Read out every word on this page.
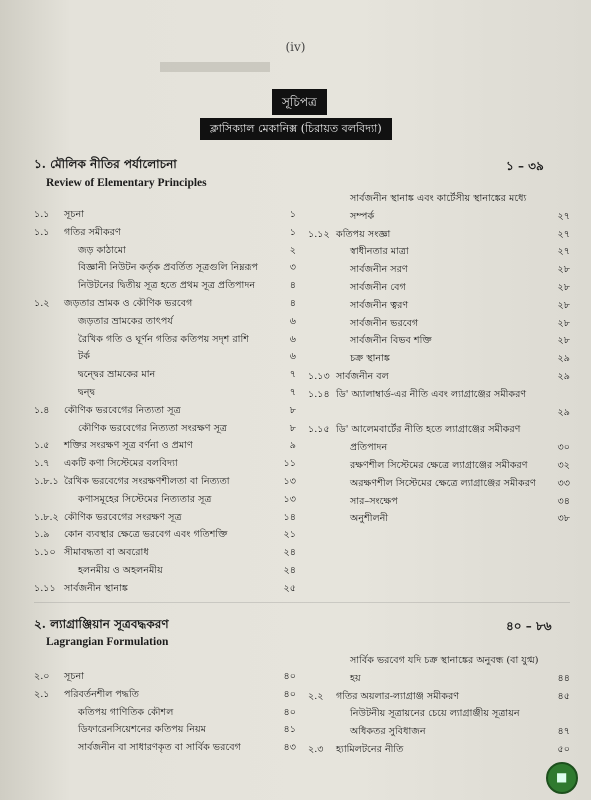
(iv)
সূচিপত্র
ক্লাসিক্যাল মেকানিক্স (চিরায়ত বলবিদ্যা)
১. মৌলিক নীতির পর্যালোচনা
Review of Elementary Principles
১ – ৩৯
১.১ সূচনা	১
১.১ গতির সমীকরণ	১
জড় কাঠামো	২
বিজ্ঞানী নিউটন কর্তৃক প্রবর্তিত সূত্রগুলি নিম্নরূপ	৩
নিউটনের দ্বিতীয় সূত্র হতে প্রথম সূত্র প্রতিপাদন	৪
১.২ জড়তার ভ্রামক ও কৌণিক ভরবেগ	৪
জড়তার ভ্রামকের তাৎপর্য	৬
রৈখিক গতি ও ঘূর্ণন গতির কতিপয় সদৃশ রাশি	৬
টর্ক	৬
দ্বন্দ্বের ভ্রামকের মান	৭
দ্বন্দ্ব	৭
১.৪ কৌণিক ভরবেগের নিত্যতা সূত্র	৮
কৌণিক ভরবেগের নিত্যতা সংরক্ষণ সূত্র	৮
১.৫ শক্তির সংরক্ষণ সূত্র বর্ণনা ও প্রমাণ	৯
১.৭ একটি কণা সিস্টেমের বলবিদ্যা	১১
১.৮.১ রৈখিক ভরবেগের সংরক্ষণশীলতা বা নিত্যতা	১৩
কণাসমূহের সিস্টেমের নিত্যতার সূত্র	১৩
১.৮.২ কৌণিক ভরবেগের সংরক্ষণ সূত্র	১৪
১.৯ কোন ব্যবস্থার ক্ষেত্রে ভরবেগ এবং গতিশক্তি	২১
১.১০ সীমাবদ্ধতা বা অবরোধ	২৪
হলনমীয় ও অহলনমীয়	২৪
১.১১ সার্বজনীন স্থানাঙ্ক	২৫
সার্বজনীন স্থানাঙ্ক এবং কার্টেসীয় স্থানাঙ্কের মধ্যে
সম্পর্ক	২৭
১.১২ কতিপয় সংজ্ঞা	২৭
স্বাধীনতার মাত্রা	২৭
সার্বজনীন সরণ	২৮
সার্বজনীন বেগ	২৮
সার্বজনীন ত্বরণ	২৮
সার্বজনীন ভরবেগ	২৮
সার্বজনীন বিভব শক্তি	২৮
চক্র স্থানাঙ্ক	২৯
১.১৩ সার্বজনীন বল	২৯
১.১৪ ডি' অ্যালাম্বার্ড-এর নীতি এবং ল্যাগ্রাঞ্জের সমীকরণ
২৯
১.১৫ ডি' আলেমবার্টের নীতি হতে ল্যাগ্রাঞ্জের সমীকরণ
প্রতিপাদন	৩০
রক্ষণশীল সিস্টেমের ক্ষেত্রে ল্যাগ্রাঞ্জের সমীকরণ	৩২
অরক্ষণশীল সিস্টেমের ক্ষেত্রে ল্যাগ্রাঞ্জের সমীকরণ	৩৩
সার–সংক্ষেপ	৩৪
অনুশীলনী	৩৮
২. ল্যাগ্রাঞ্জিয়ান সূত্রবদ্ধকরণ
Lagrangian Formulation
৪০ – ৮৬
২.০ সূচনা	৪০
২.১ পরিবর্তনশীল পদ্ধতি	৪০
কতিপয় গাণিতিক কৌশল	৪০
ডিফারেনসিয়েশনের কতিপয় নিয়ম	৪১
সার্বজনীন বা সাধারণকৃত বা সার্বিক ভরবেগ	৪৩
সার্বিক ভরবেগ যদি চক্র স্থানাঙ্কের অনুবন্ধ (বা যুগ্ম)
হয়	৪৪
২.২ গতির অয়লার-ল্যাগ্রাঞ্জ সমীকরণ	৪৫
নিউটনীয় সূত্রায়নের চেয়ে ল্যাগ্রাঞ্জীয় সূত্রায়ন
অধিকতর সুবিধাজন	৪৭
২.৩ হ্যামিলটনের নীতি	৫০
■
